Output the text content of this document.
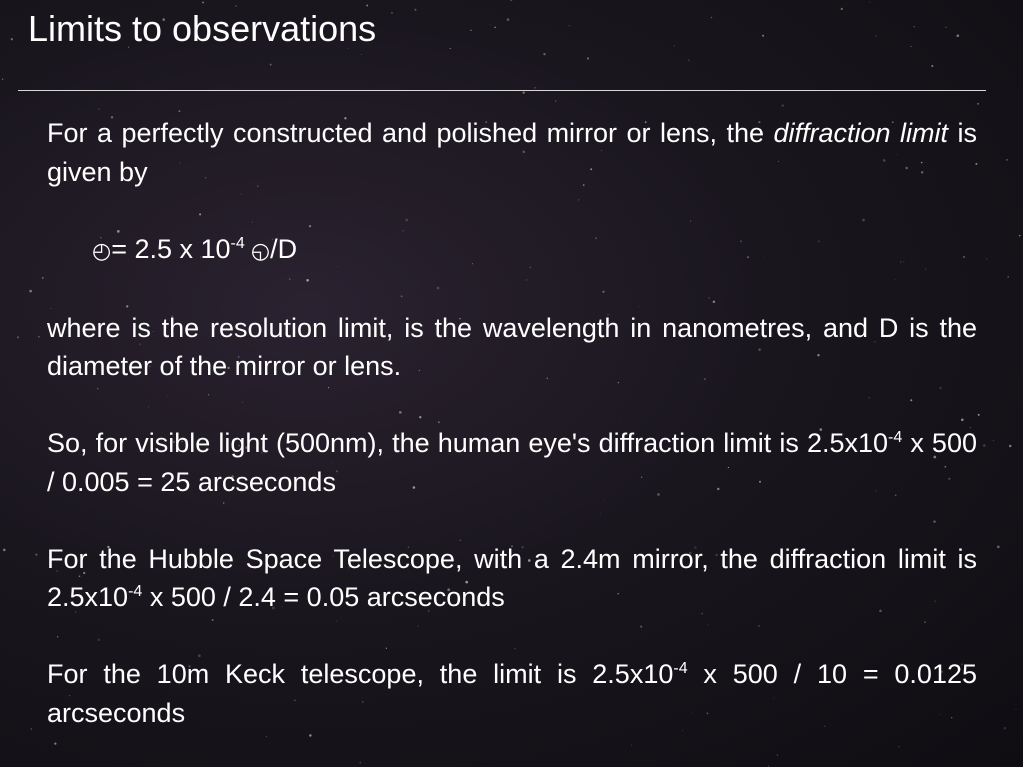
Limits to observations

For a perfectly constructed and polished mirror or lens, the diffraction limit is given by

◴= 2.5 x $10^{-4}$ ◵/D

where is the resolution limit, is the wavelength in nanometres, and D is the diameter of the mirror or lens.

So, for visible light (500nm), the human eye's diffraction limit is $2.5x10^{-4}$ x 500 / 0.005 = 25 arcseconds

For the Hubble Space Telescope, with a 2.4m mirror, the diffraction limit is $2.5x10^{-4}$ x 500 / 2.4 = 0.05 arcseconds

For the 10m Keck telescope, the limit is $2.5x10^{-4}$ x 500 / 10 = 0.0125 arcseconds
